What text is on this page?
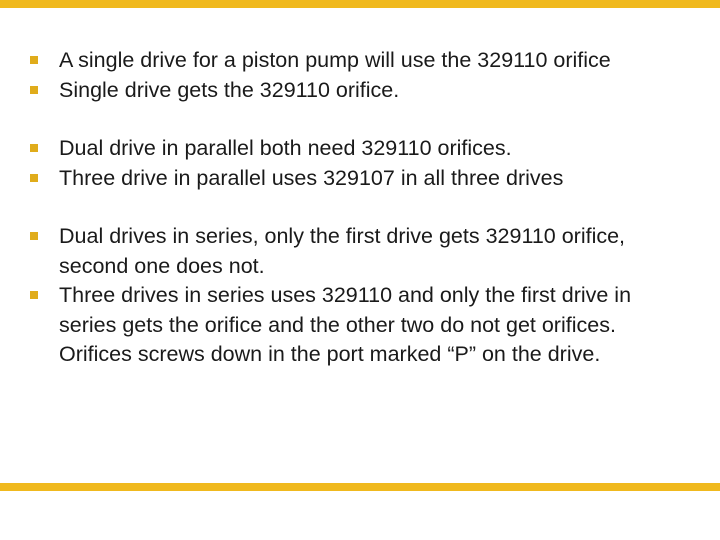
A single drive for a piston pump will use the 329110 orifice
Single drive gets the 329110 orifice.
Dual drive in parallel both need 329110 orifices.
Three drive in parallel uses 329107 in all three drives
Dual drives in series, only the first drive gets 329110 orifice, second one does not.
Three drives in series uses 329110 and only the first drive in series gets the orifice and the other two do not get orifices. Orifices screws down in the port marked “P” on the drive.
